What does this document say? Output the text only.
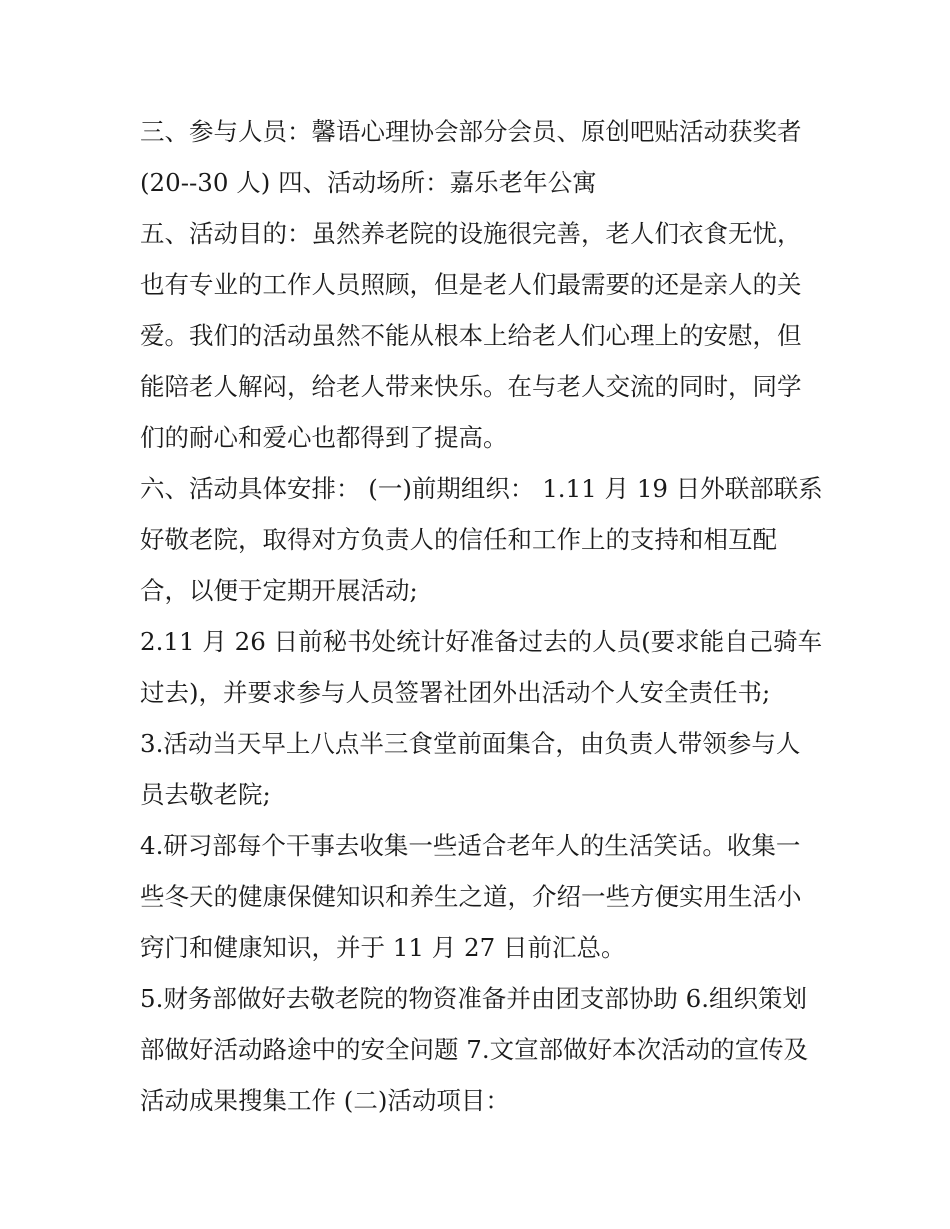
三、参与人员：馨语心理协会部分会员、原创吧贴活动获奖者

(20--30 人) 四、活动场所：嘉乐老年公寓

五、活动目的：虽然养老院的设施很完善，老人们衣食无忧，

也有专业的工作人员照顾，但是老人们最需要的还是亲人的关

爱。我们的活动虽然不能从根本上给老人们心理上的安慰，但

能陪老人解闷，给老人带来快乐。在与老人交流的同时，同学

们的耐心和爱心也都得到了提高。

六、活动具体安排： (一)前期组织： 1.11 月 19 日外联部联系

好敬老院，取得对方负责人的信任和工作上的支持和相互配

合，以便于定期开展活动;

2.11 月 26 日前秘书处统计好准备过去的人员(要求能自己骑车

过去)，并要求参与人员签署社团外出活动个人安全责任书;

3.活动当天早上八点半三食堂前面集合，由负责人带领参与人

员去敬老院;

4.研习部每个干事去收集一些适合老年人的生活笑话。收集一

些冬天的健康保健知识和养生之道，介绍一些方便实用生活小

窍门和健康知识，并于 11 月 27 日前汇总。

5.财务部做好去敬老院的物资准备并由团支部协助 6.组织策划

部做好活动路途中的安全问题 7.文宣部做好本次活动的宣传及

活动成果搜集工作 (二)活动项目：
